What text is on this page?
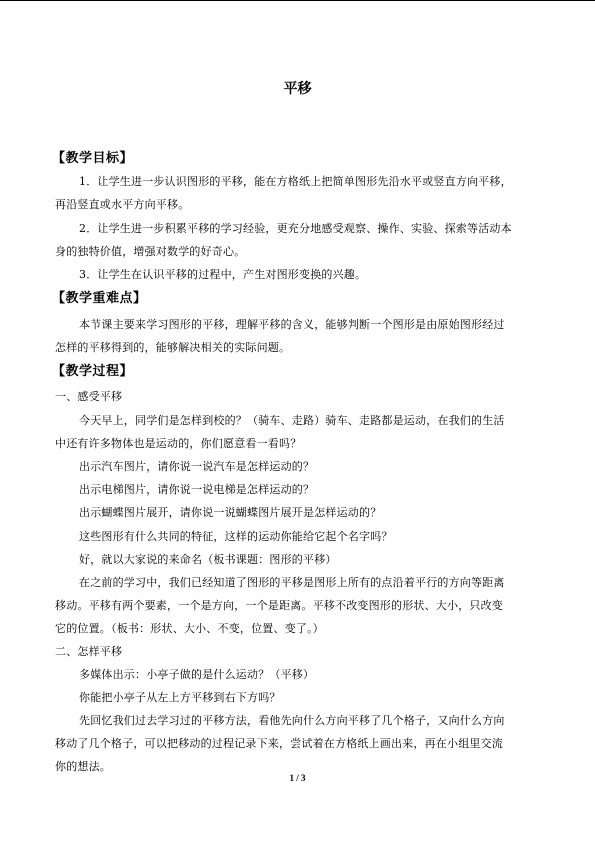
平移
【教学目标】
1．让学生进一步认识图形的平移，能在方格纸上把简单图形先沿水平或竖直方向平移，
再沿竖直或水平方向平移。
2．让学生进一步积累平移的学习经验，更充分地感受观察、操作、实验、探索等活动本
身的独特价值，增强对数学的好奇心。
3．让学生在认识平移的过程中，产生对图形变换的兴趣。
【教学重难点】
本节课主要来学习图形的平移，理解平移的含义，能够判断一个图形是由原始图形经过
怎样的平移得到的，能够解决相关的实际问题。
【教学过程】
一、感受平移
今天早上，同学们是怎样到校的？（骑车、走路）骑车、走路都是运动，在我们的生活
中还有许多物体也是运动的，你们愿意看一看吗？
出示汽车图片，请你说一说汽车是怎样运动的？
出示电梯图片，请你说一说电梯是怎样运动的？
出示蝴蝶图片展开，请你说一说蝴蝶图片展开是怎样运动的？
这些图形有什么共同的特征，这样的运动你能给它起个名字吗？
好，就以大家说的来命名（板书课题：图形的平移）
在之前的学习中，我们已经知道了图形的平移是图形上所有的点沿着平行的方向等距离
移动。平移有两个要素，一个是方向，一个是距离。平移不改变图形的形状、大小，只改变
它的位置。（板书：形状、大小、不变，位置、变了。）
二、怎样平移
多媒体出示：小亭子做的是什么运动？（平移）
你能把小亭子从左上方平移到右下方吗？
先回忆我们过去学习过的平移方法，看他先向什么方向平移了几个格子，又向什么方向
移动了几个格子，可以把移动的过程记录下来，尝试着在方格纸上画出来，再在小组里交流
你的想法。
1 / 3
